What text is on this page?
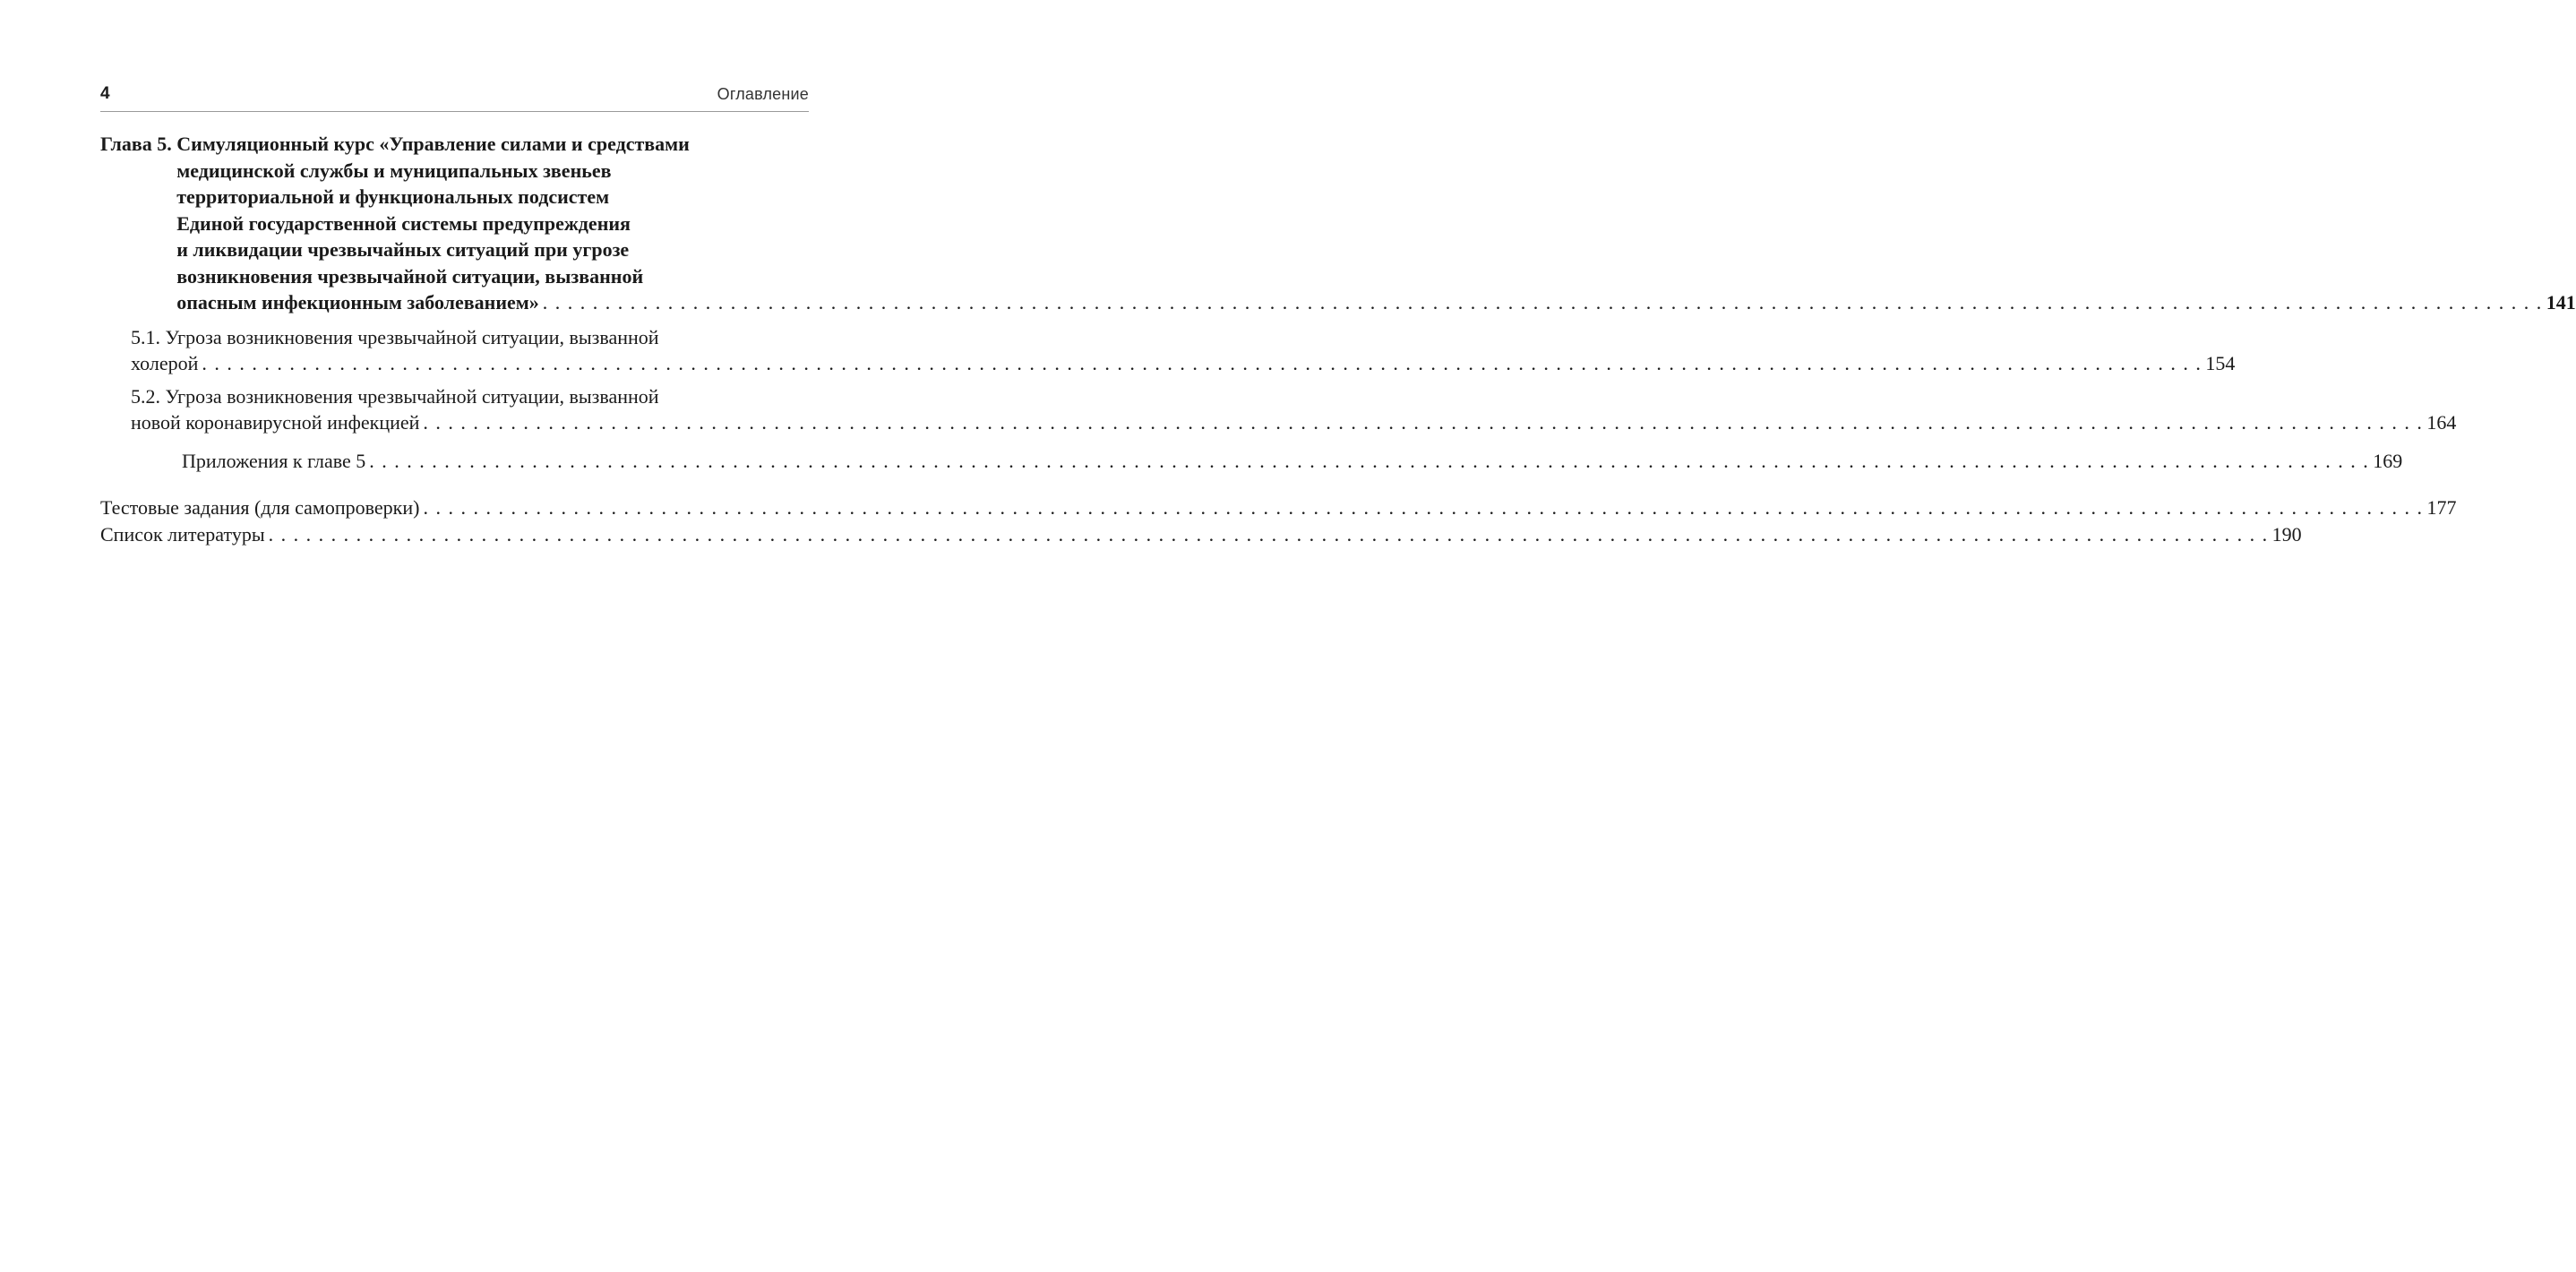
4	Оглавление
Глава 5. Симуляционный курс «Управление силами и средствами
медицинской службы и муниципальных звеньев
территориальной и функциональных подсистем
Единой государственной системы предупреждения
и ликвидации чрезвычайных ситуаций при угрозе
возникновения чрезвычайной ситуации, вызванной
опасным инфекционным заболеванием» . . .	141
5.1. Угроза возникновения чрезвычайной ситуации, вызванной
холерой . . .	154
5.2. Угроза возникновения чрезвычайной ситуации, вызванной
новой коронавирусной инфекцией . . .	164
Приложения к главе 5 . . .	169
Тестовые задания (для самопроверки) . . .	177
Список литературы . . .	190
